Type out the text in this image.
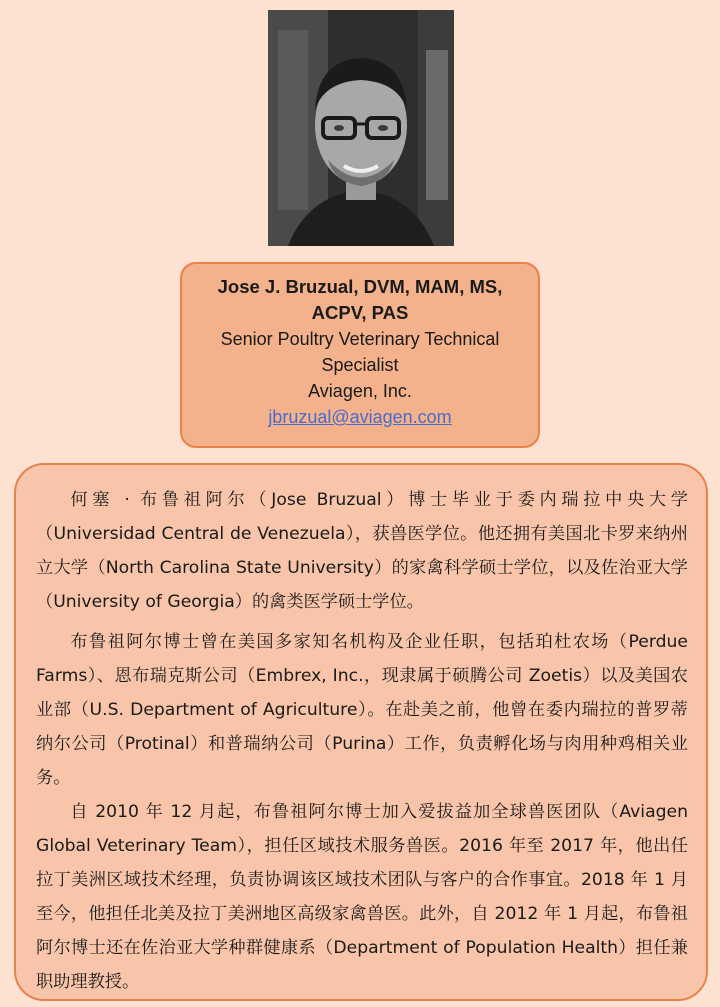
Jose J. Bruzual, DVM, MAM, MS, ACPV, PAS
Senior Poultry Veterinary Technical Specialist
Aviagen, Inc.
jbruzual@aviagen.com

何塞 · 布鲁祖阿尔（Jose Bruzual）博士毕业于委内瑞拉中央大学（Universidad Central de Venezuela），获兽医学位。他还拥有美国北卡罗来纳州立大学（North Carolina State University）的家禽科学硕士学位，以及佐治亚大学（University of Georgia）的禽类医学硕士学位。

布鲁祖阿尔博士曾在美国多家知名机构及企业任职，包括珀杜农场（Perdue Farms）、恩布瑞克斯公司（Embrex, Inc.，现隶属于硕腾公司 Zoetis）以及美国农业部（U.S. Department of Agriculture）。在赴美之前，他曾在委内瑞拉的普罗蒂纳尔公司（Protinal）和普瑞纳公司（Purina）工作，负责孵化场与肉用种鸡相关业务。

自 2010 年 12 月起，布鲁祖阿尔博士加入爱拔益加全球兽医团队（Aviagen Global Veterinary Team），担任区域技术服务兽医。2016 年至 2017 年，他出任拉丁美洲区域技术经理，负责协调该区域技术团队与客户的合作事宜。2018 年 1 月至今，他担任北美及拉丁美洲地区高级家禽兽医。此外，自 2012 年 1 月起，布鲁祖阿尔博士还在佐治亚大学种群健康系（Department of Population Health）担任兼职助理教授。
